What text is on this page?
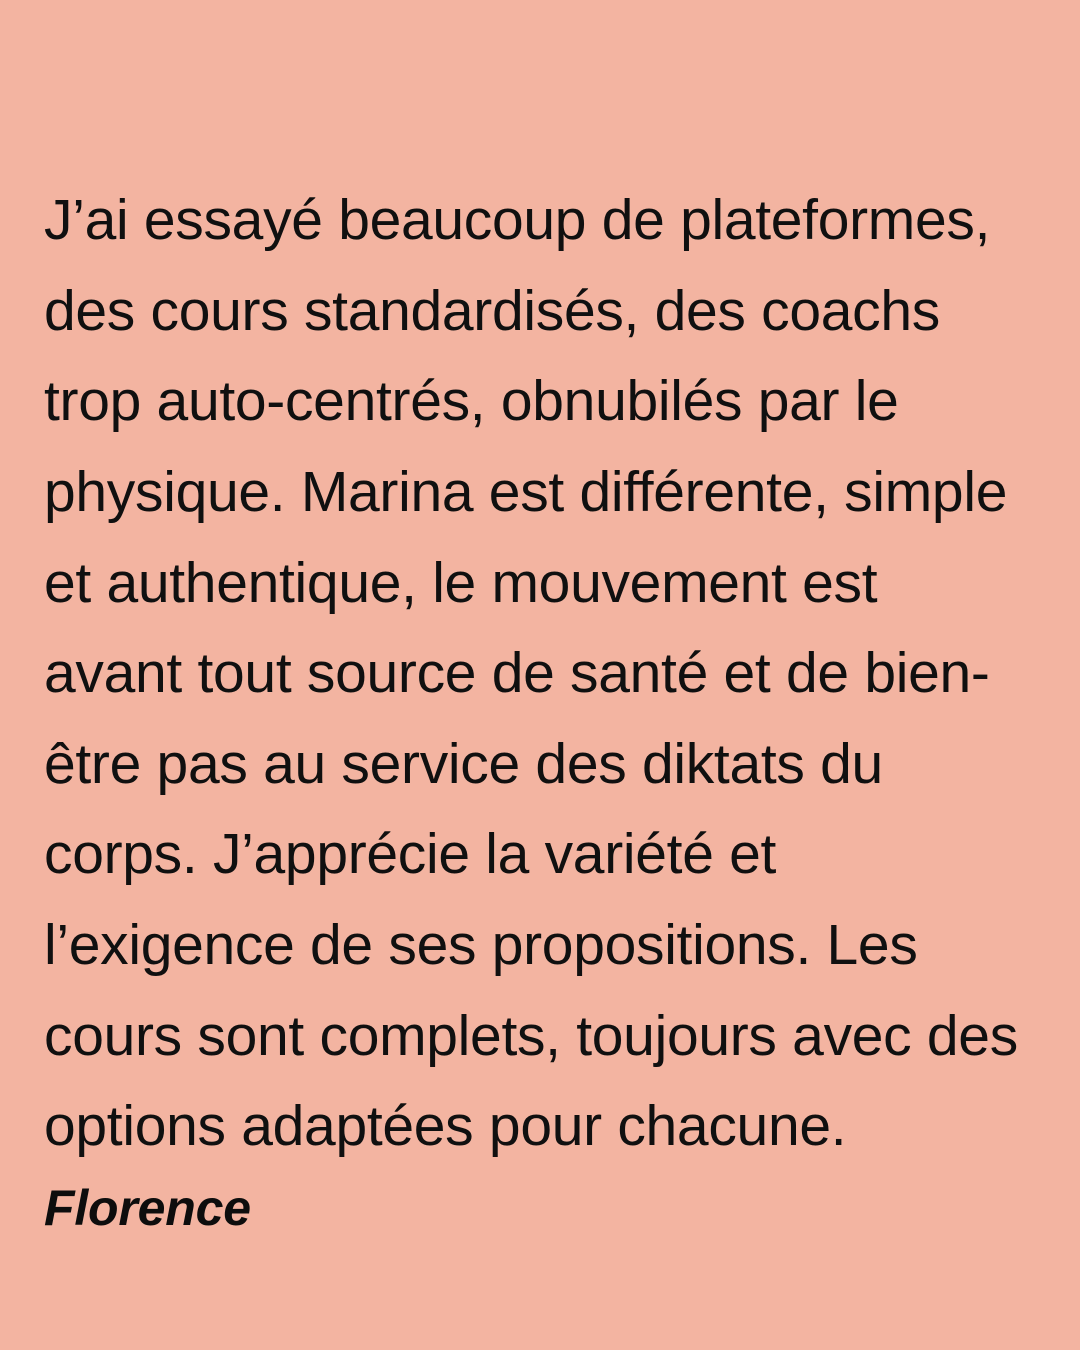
J’ai essayé beaucoup de plateformes, des cours standardisés, des coachs trop auto-centrés, obnubilés par le physique. Marina est différente, simple et authentique, le mouvement est avant tout source de santé et de bien-être pas au service des diktats du corps. J’apprécie la variété et l’exigence de ses propositions. Les cours sont complets, toujours avec des options adaptées pour chacune.

Florence
